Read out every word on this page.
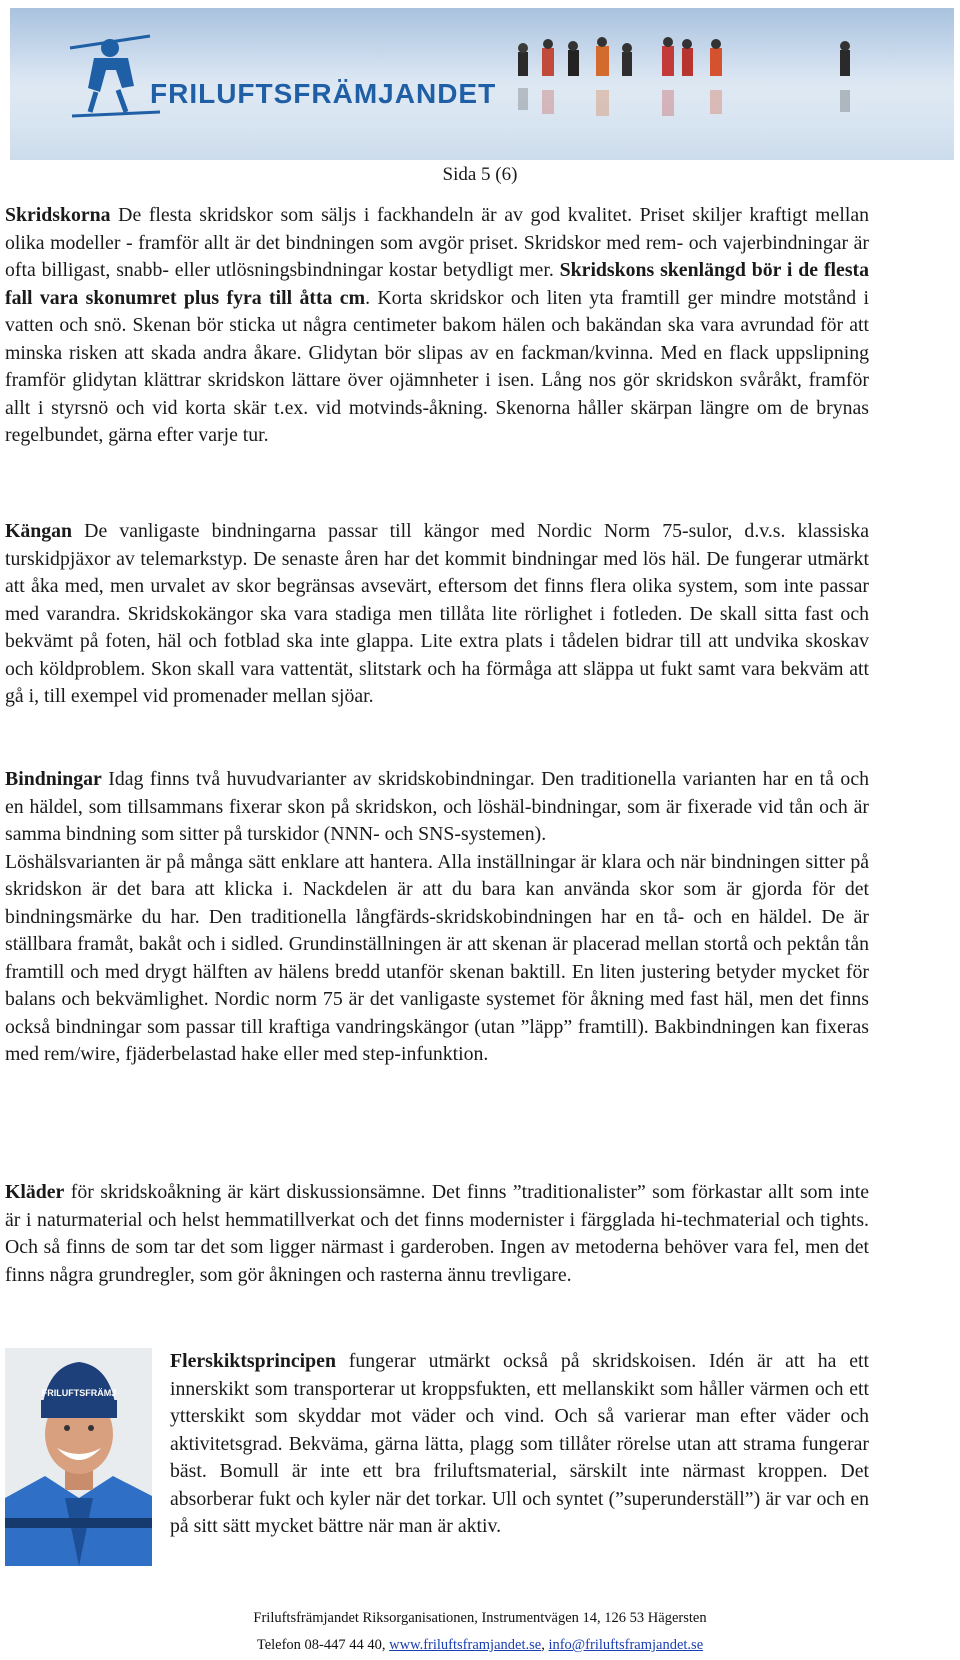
FRILUFTSFRÄMJANDET
Sida 5 (6)
Skridskorna De flesta skridskor som säljs i fackhandeln är av god kvalitet. Priset skiljer kraftigt mellan olika modeller - framför allt är det bindningen som avgör priset. Skridskor med rem- och vajerbindningar är ofta billigast, snabb- eller utlösningsbindningar kostar betydligt mer. Skridskons skenlängd bör i de flesta fall vara skonumret plus fyra till åtta cm. Korta skridskor och liten yta framtill ger mindre motstånd i vatten och snö. Skenan bör sticka ut några centimeter bakom hälen och bakändan ska vara avrundad för att minska risken att skada andra åkare. Glidytan bör slipas av en fackman/kvinna. Med en flack uppslipning framför glidytan klättrar skridskon lättare över ojämnheter i isen. Lång nos gör skridskon svåråkt, framför allt i styrsnö och vid korta skär t.ex. vid motvinds-åkning. Skenorna håller skärpan längre om de brynas regelbundet, gärna efter varje tur.
Kängan De vanligaste bindningarna passar till kängor med Nordic Norm 75-sulor, d.v.s. klassiska turskidpjäxor av telemarkstyp. De senaste åren har det kommit bindningar med lös häl. De fungerar utmärkt att åka med, men urvalet av skor begränsas avsevärt, eftersom det finns flera olika system, som inte passar med varandra. Skridskokängor ska vara stadiga men tillåta lite rörlighet i fotleden. De skall sitta fast och bekvämt på foten, häl och fotblad ska inte glappa. Lite extra plats i tådelen bidrar till att undvika skoskav och köldproblem. Skon skall vara vattentät, slitstark och ha förmåga att släppa ut fukt samt vara bekväm att gå i, till exempel vid promenader mellan sjöar.
Bindningar Idag finns två huvudvarianter av skridskobindningar. Den traditionella varianten har en tå och en häldel, som tillsammans fixerar skon på skridskon, och löshäl-bindningar, som är fixerade vid tån och är samma bindning som sitter på turskidor (NNN- och SNS-systemen).
Löshälsvarianten är på många sätt enklare att hantera. Alla inställningar är klara och när bindningen sitter på skridskon är det bara att klicka i. Nackdelen är att du bara kan använda skor som är gjorda för det bindningsmärke du har. Den traditionella långfärds-skridskobindningen har en tå- och en häldel. De är ställbara framåt, bakåt och i sidled. Grundinställningen är att skenan är placerad mellan stortå och pektån tån framtill och med drygt hälften av hälens bredd utanför skenan baktill. En liten justering betyder mycket för balans och bekvämlighet. Nordic norm 75 är det vanligaste systemet för åkning med fast häl, men det finns också bindningar som passar till kraftiga vandringskängor (utan ”läpp” framtill). Bakbindningen kan fixeras med rem/wire, fjäderbelastad hake eller med step-infunktion.
Kläder för skridskoåkning är kärt diskussionsämne. Det finns ”traditionalister” som förkastar allt som inte är i naturmaterial och helst hemmatillverkat och det finns modernister i färgglada hi-techmaterial och tights. Och så finns de som tar det som ligger närmast i garderoben. Ingen av metoderna behöver vara fel, men det finns några grundregler, som gör åkningen och rasterna ännu trevligare.
FRILUFTSFRÄMJ
Flerskiktsprincipen fungerar utmärkt också på skridskoisen. Idén är att ha ett innerskikt som transporterar ut kroppsfukten, ett mellanskikt som håller värmen och ett ytterskikt som skyddar mot väder och vind. Och så varierar man efter väder och aktivitetsgrad. Bekväma, gärna lätta, plagg som tillåter rörelse utan att strama fungerar bäst. Bomull är inte ett bra friluftsmaterial, särskilt inte närmast kroppen. Det absorberar fukt och kyler när det torkar. Ull och syntet (”superunderställ”) är var och en på sitt sätt mycket bättre när man är aktiv.
Friluftsfrämjandet Riksorganisationen, Instrumentvägen 14, 126 53 Hägersten
Telefon 08-447 44 40, www.friluftsframjandet.se, info@friluftsframjandet.se
